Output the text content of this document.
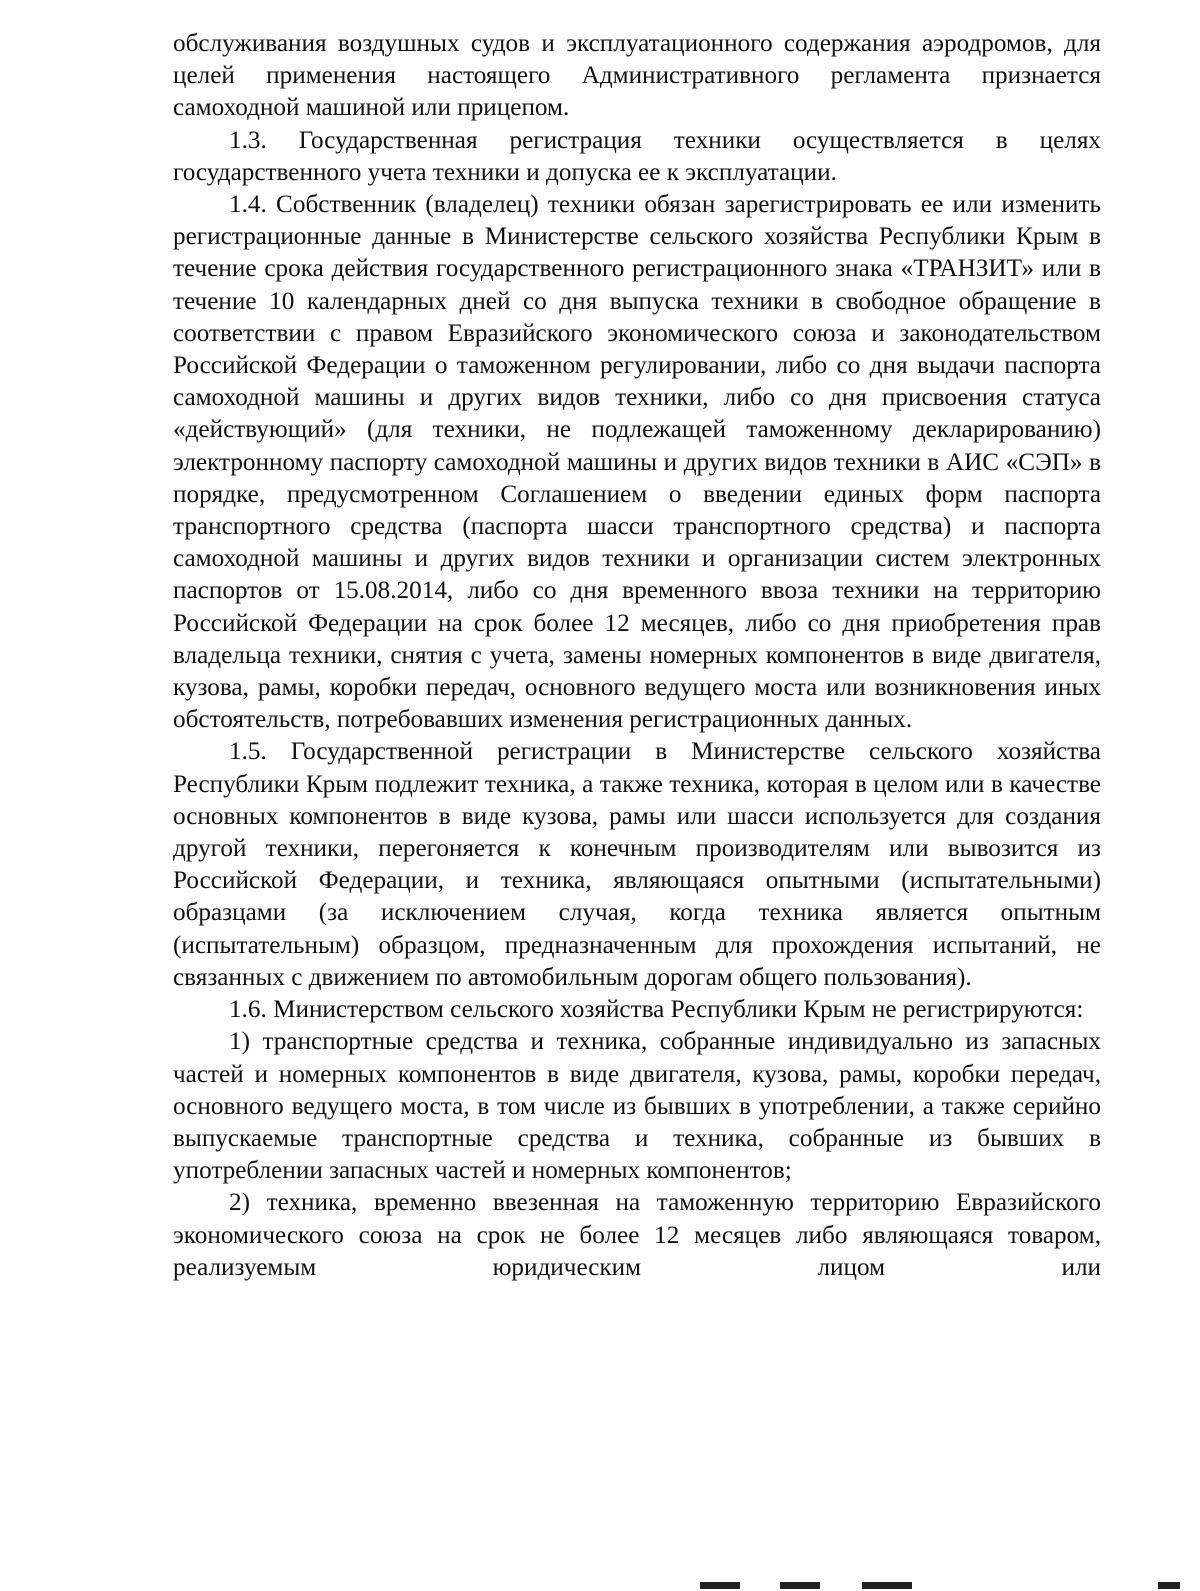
обслуживания воздушных судов и эксплуатационного содержания аэродромов, для целей применения настоящего Административного регламента признается самоходной машиной или прицепом.

1.3. Государственная регистрация техники осуществляется в целях государственного учета техники и допуска ее к эксплуатации.

1.4. Собственник (владелец) техники обязан зарегистрировать ее или изменить регистрационные данные в Министерстве сельского хозяйства Республики Крым в течение срока действия государственного регистрационного знака «ТРАНЗИТ» или в течение 10 календарных дней со дня выпуска техники в свободное обращение в соответствии с правом Евразийского экономического союза и законодательством Российской Федерации о таможенном регулировании, либо со дня выдачи паспорта самоходной машины и других видов техники, либо со дня присвоения статуса «действующий» (для техники, не подлежащей таможенному декларированию) электронному паспорту самоходной машины и других видов техники в АИС «СЭП» в порядке, предусмотренном Соглашением о введении единых форм паспорта транспортного средства (паспорта шасси транспортного средства) и паспорта самоходной машины и других видов техники и организации систем электронных паспортов от 15.08.2014, либо со дня временного ввоза техники на территорию Российской Федерации на срок более 12 месяцев, либо со дня приобретения прав владельца техники, снятия с учета, замены номерных компонентов в виде двигателя, кузова, рамы, коробки передач, основного ведущего моста или возникновения иных обстоятельств, потребовавших изменения регистрационных данных.

1.5. Государственной регистрации в Министерстве сельского хозяйства Республики Крым подлежит техника, а также техника, которая в целом или в качестве основных компонентов в виде кузова, рамы или шасси используется для создания другой техники, перегоняется к конечным производителям или вывозится из Российской Федерации, и техника, являющаяся опытными (испытательными) образцами (за исключением случая, когда техника является опытным (испытательным) образцом, предназначенным для прохождения испытаний, не связанных с движением по автомобильным дорогам общего пользования).

1.6. Министерством сельского хозяйства Республики Крым не регистрируются:

1) транспортные средства и техника, собранные индивидуально из запасных частей и номерных компонентов в виде двигателя, кузова, рамы, коробки передач, основного ведущего моста, в том числе из бывших в употреблении, а также серийно выпускаемые транспортные средства и техника, собранные из бывших в употреблении запасных частей и номерных компонентов;

2) техника, временно ввезенная на таможенную территорию Евразийского экономического союза на срок не более 12 месяцев либо являющаяся товаром, реализуемым юридическим лицом или
